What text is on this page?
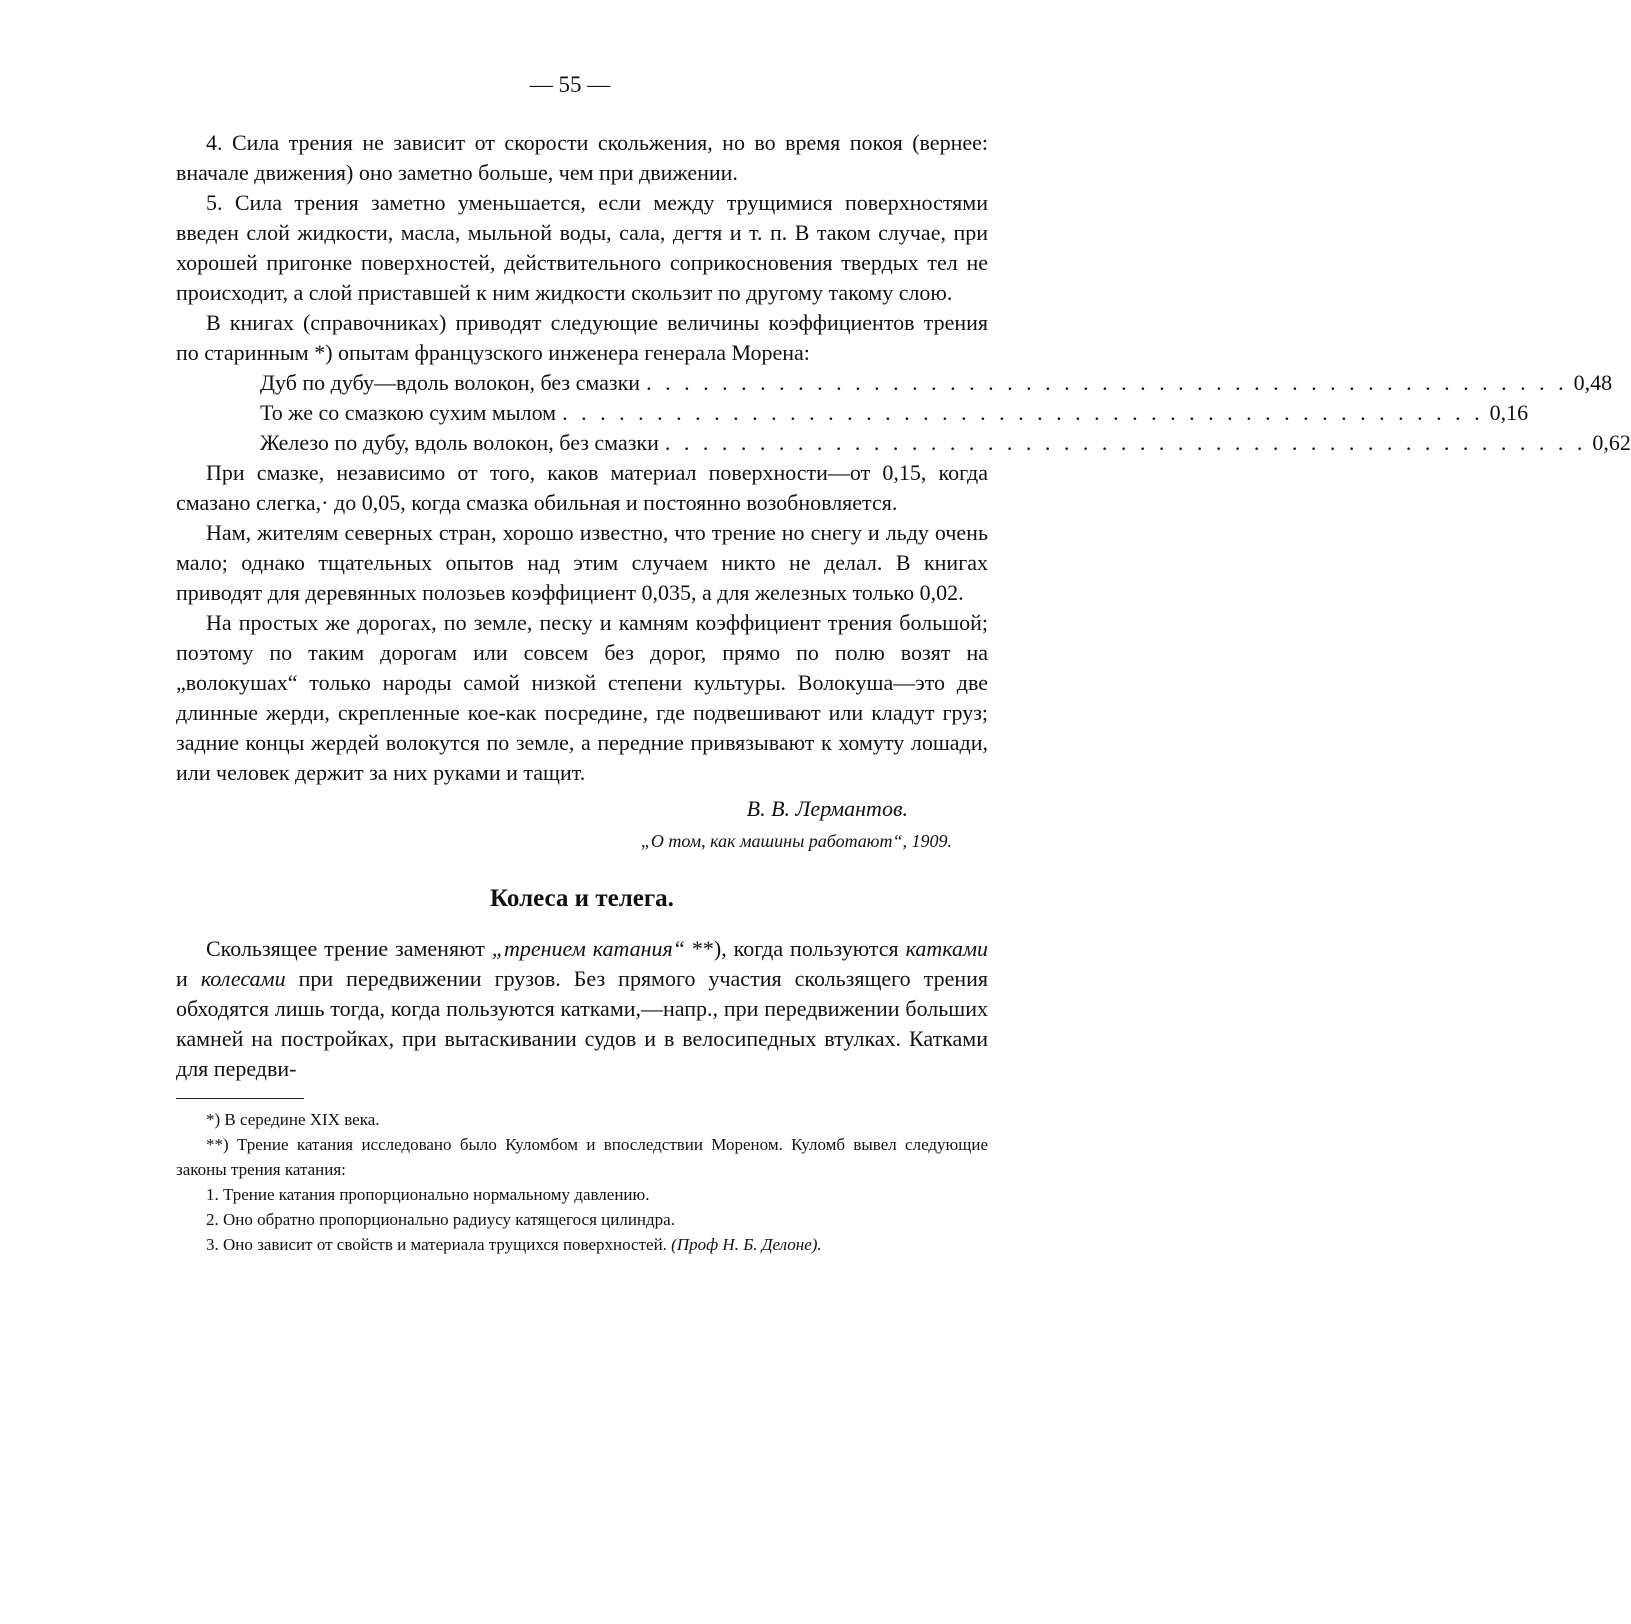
— 55 —

4. Сила трения не зависит от скорости скольжения, но во время покоя (вернее: вначале движения) оно заметно больше, чем при движении.

5. Сила трения заметно уменьшается, если между трущимися поверхностями введен слой жидкости, масла, мыльной воды, сала, дегтя и т. п. В таком случае, при хорошей пригонке поверхностей, действительного соприкосновения твердых тел не происходит, а слой приставшей к ним жидкости скользит по другому такому слою.

В книгах (справочниках) приводят следующие величины коэффициентов трения по старинным *) опытам французского инженера генерала Морена:

Дуб по дубу—вдоль волокон, без смазки . . . . . . . . . . . . . . . . . . . . . . . . . . . . . . . . . . . . . . . . . . . . . . . . . 0,48
То же со смазкою сухим мылом . . . . . . . . . . . . . . . . . . . . . . . . . . . . . . . . . . . . . . . . . . . . . . . . . 0,16
Железо по дубу, вдоль волокон, без смазки . . . . . . . . . . . . . . . . . . . . . . . . . . . . . . . . . . . . . . . . . . . . . . . . . 0,62

При смазке, независимо от того, каков материал поверхности—от 0,15, когда смазано слегка,· до 0,05, когда смазка обильная и постоянно возобновляется.

Нам, жителям северных стран, хорошо известно, что трение но снегу и льду очень мало; однако тщательных опытов над этим случаем никто не делал. В книгах приводят для деревянных полозьев коэффициент 0,035, а для железных только 0,02.

На простых же дорогах, по земле, песку и камням коэффициент трения большой; поэтому по таким дорогам или совсем без дорог, прямо по полю возят на „волокушах“ только народы самой низкой степени культуры. Волокуша—это две длинные жерди, скрепленные кое-как посредине, где подвешивают или кладут груз; задние концы жердей волокутся по земле, а передние привязывают к хомуту лошади, или человек держит за них руками и тащит.

В. В. Лермантов.
„О том, как машины работают“, 1909.
Колеса и телега.

Скользящее трение заменяют „трением катания“ **), когда пользуются катками и колесами при передвижении грузов. Без прямого участия скользящего трения обходятся лишь тогда, когда пользуются катками,—напр., при передвижении больших камней на постройках, при вытаскивании судов и в велосипедных втулках. Катками для передви-

*) В середине XIX века.

**) Трение катания исследовано было Куломбом и впоследствии Мореном. Куломб вывел следующие законы трения катания:

1. Трение катания пропорционально нормальному давлению.

2. Оно обратно пропорционально радиусу катящегося цилиндра.

3. Оно зависит от свойств и материала трущихся поверхностей. (Проф Н. Б. Делоне).
